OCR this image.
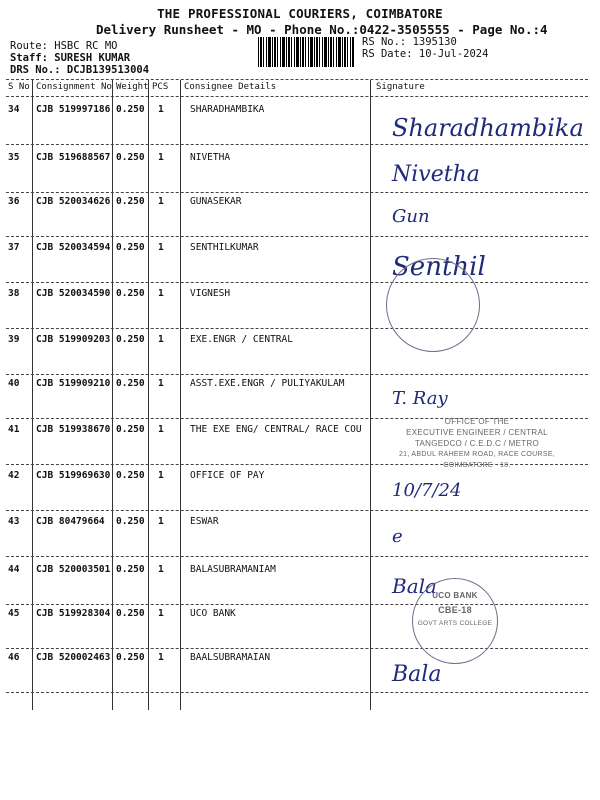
THE PROFESSIONAL COURIERS, COIMBATORE
Delivery Runsheet - MO - Phone No.:0422-3505555 - Page No.:4
Route: HSBC RC MO
Staff: SURESH KUMAR
DRS No.: DCJB139513004
RS No.: 1395130
RS Date: 10-Jul-2024
S No Consignment No Weight PCS Consignee Details	Signature
34 CJB 519997186 0.250 1	SHARADHAMBIKA
Sharadhambika
35 CJB 519688567 0.250 1	NIVETHA
Nivetha
36 CJB 520034626 0.250 1	GUNASEKAR
Gun
37 CJB 520034594 0.250 1	SENTHILKUMAR
Senthil
38 CJB 520034590 0.250 1	VIGNESH
39 CJB 519909203 0.250 1	EXE.ENGR / CENTRAL
40 CJB 519909210 0.250 1	ASST.EXE.ENGR / PULIYAKULAM
T. Ray
41 CJB 519938670 0.250 1	THE EXE ENG/ CENTRAL/ RACE COU
42 CJB 519969630 0.250 1	OFFICE OF PAY
10/7/24
43 CJB 80479664 0.250 1	ESWAR
e
44 CJB 520003501 0.250 1	BALASUBRAMANIAM
Bala
45 CJB 519928304 0.250 1	UCO BANK
46 CJB 520002463 0.250 1	BAALSUBRAMAIAN
Bala
OFFICE OF THE
EXECUTIVE ENGINEER / CENTRAL
TANGEDCO / C.E.D.C / METRO
21, ABDUL RAHEEM ROAD, RACE COURSE,
COIMBATORE - 18.
UCO BANK
CBE-18
GOVT ARTS COLLEGE
